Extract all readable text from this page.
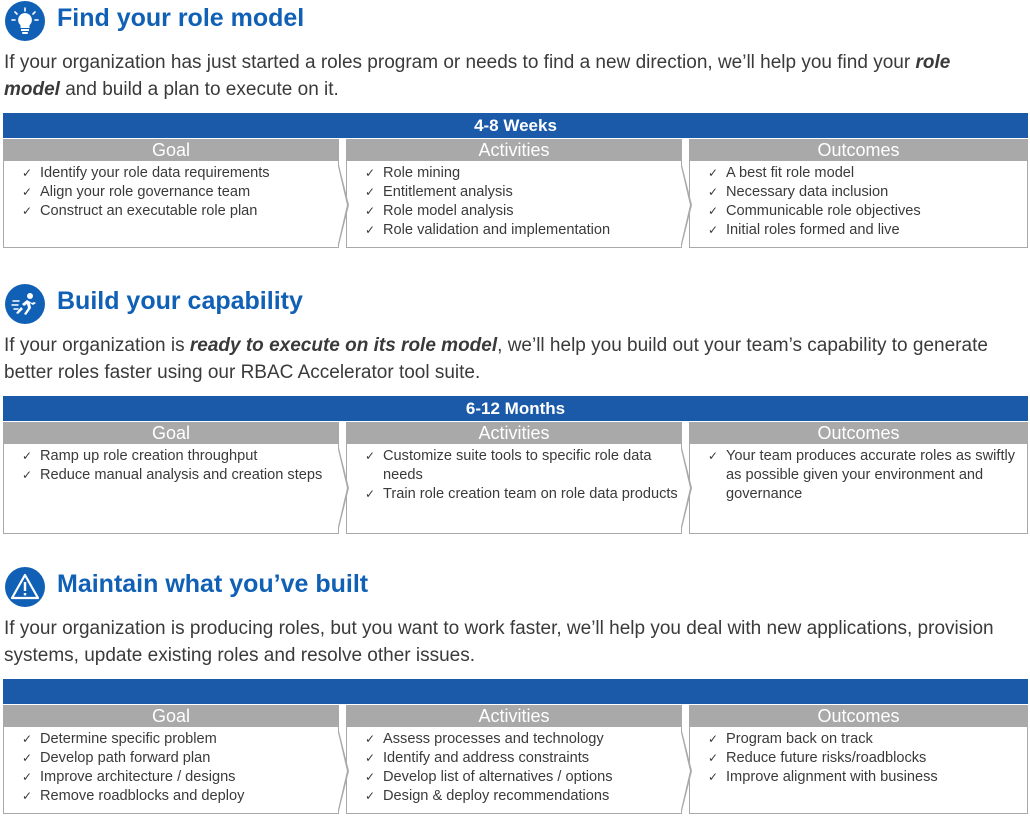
Find your role model
If your organization has just started a roles program or needs to find a new direction, we’ll help you find your role model and build a plan to execute on it.
4-8 Weeks
Goal
✓ Identify your role data requirements
✓ Align your role governance team
✓ Construct an executable role plan
Activities
✓ Role mining
✓ Entitlement analysis
✓ Role model analysis
✓ Role validation and implementation
Outcomes
✓ A best fit role model
✓ Necessary data inclusion
✓ Communicable role objectives
✓ Initial roles formed and live
Build your capability
If your organization is ready to execute on its role model, we’ll help you build out your team’s capability to generate better roles faster using our RBAC Accelerator tool suite.
6-12 Months
Goal
✓ Ramp up role creation throughput
✓ Reduce manual analysis and creation steps
Activities
✓ Customize suite tools to specific role data needs
✓ Train role creation team on role data products
Outcomes
✓ Your team produces accurate roles as swiftly as possible given your environment and governance
Maintain what you’ve built
If your organization is producing roles, but you want to work faster, we’ll help you deal with new applications, provision systems, update existing roles and resolve other issues.
Goal
✓ Determine specific problem
✓ Develop path forward plan
✓ Improve architecture / designs
✓ Remove roadblocks and deploy
Activities
✓ Assess processes and technology
✓ Identify and address constraints
✓ Develop list of alternatives / options
✓ Design & deploy recommendations
Outcomes
✓ Program back on track
✓ Reduce future risks/roadblocks
✓ Improve alignment with business
